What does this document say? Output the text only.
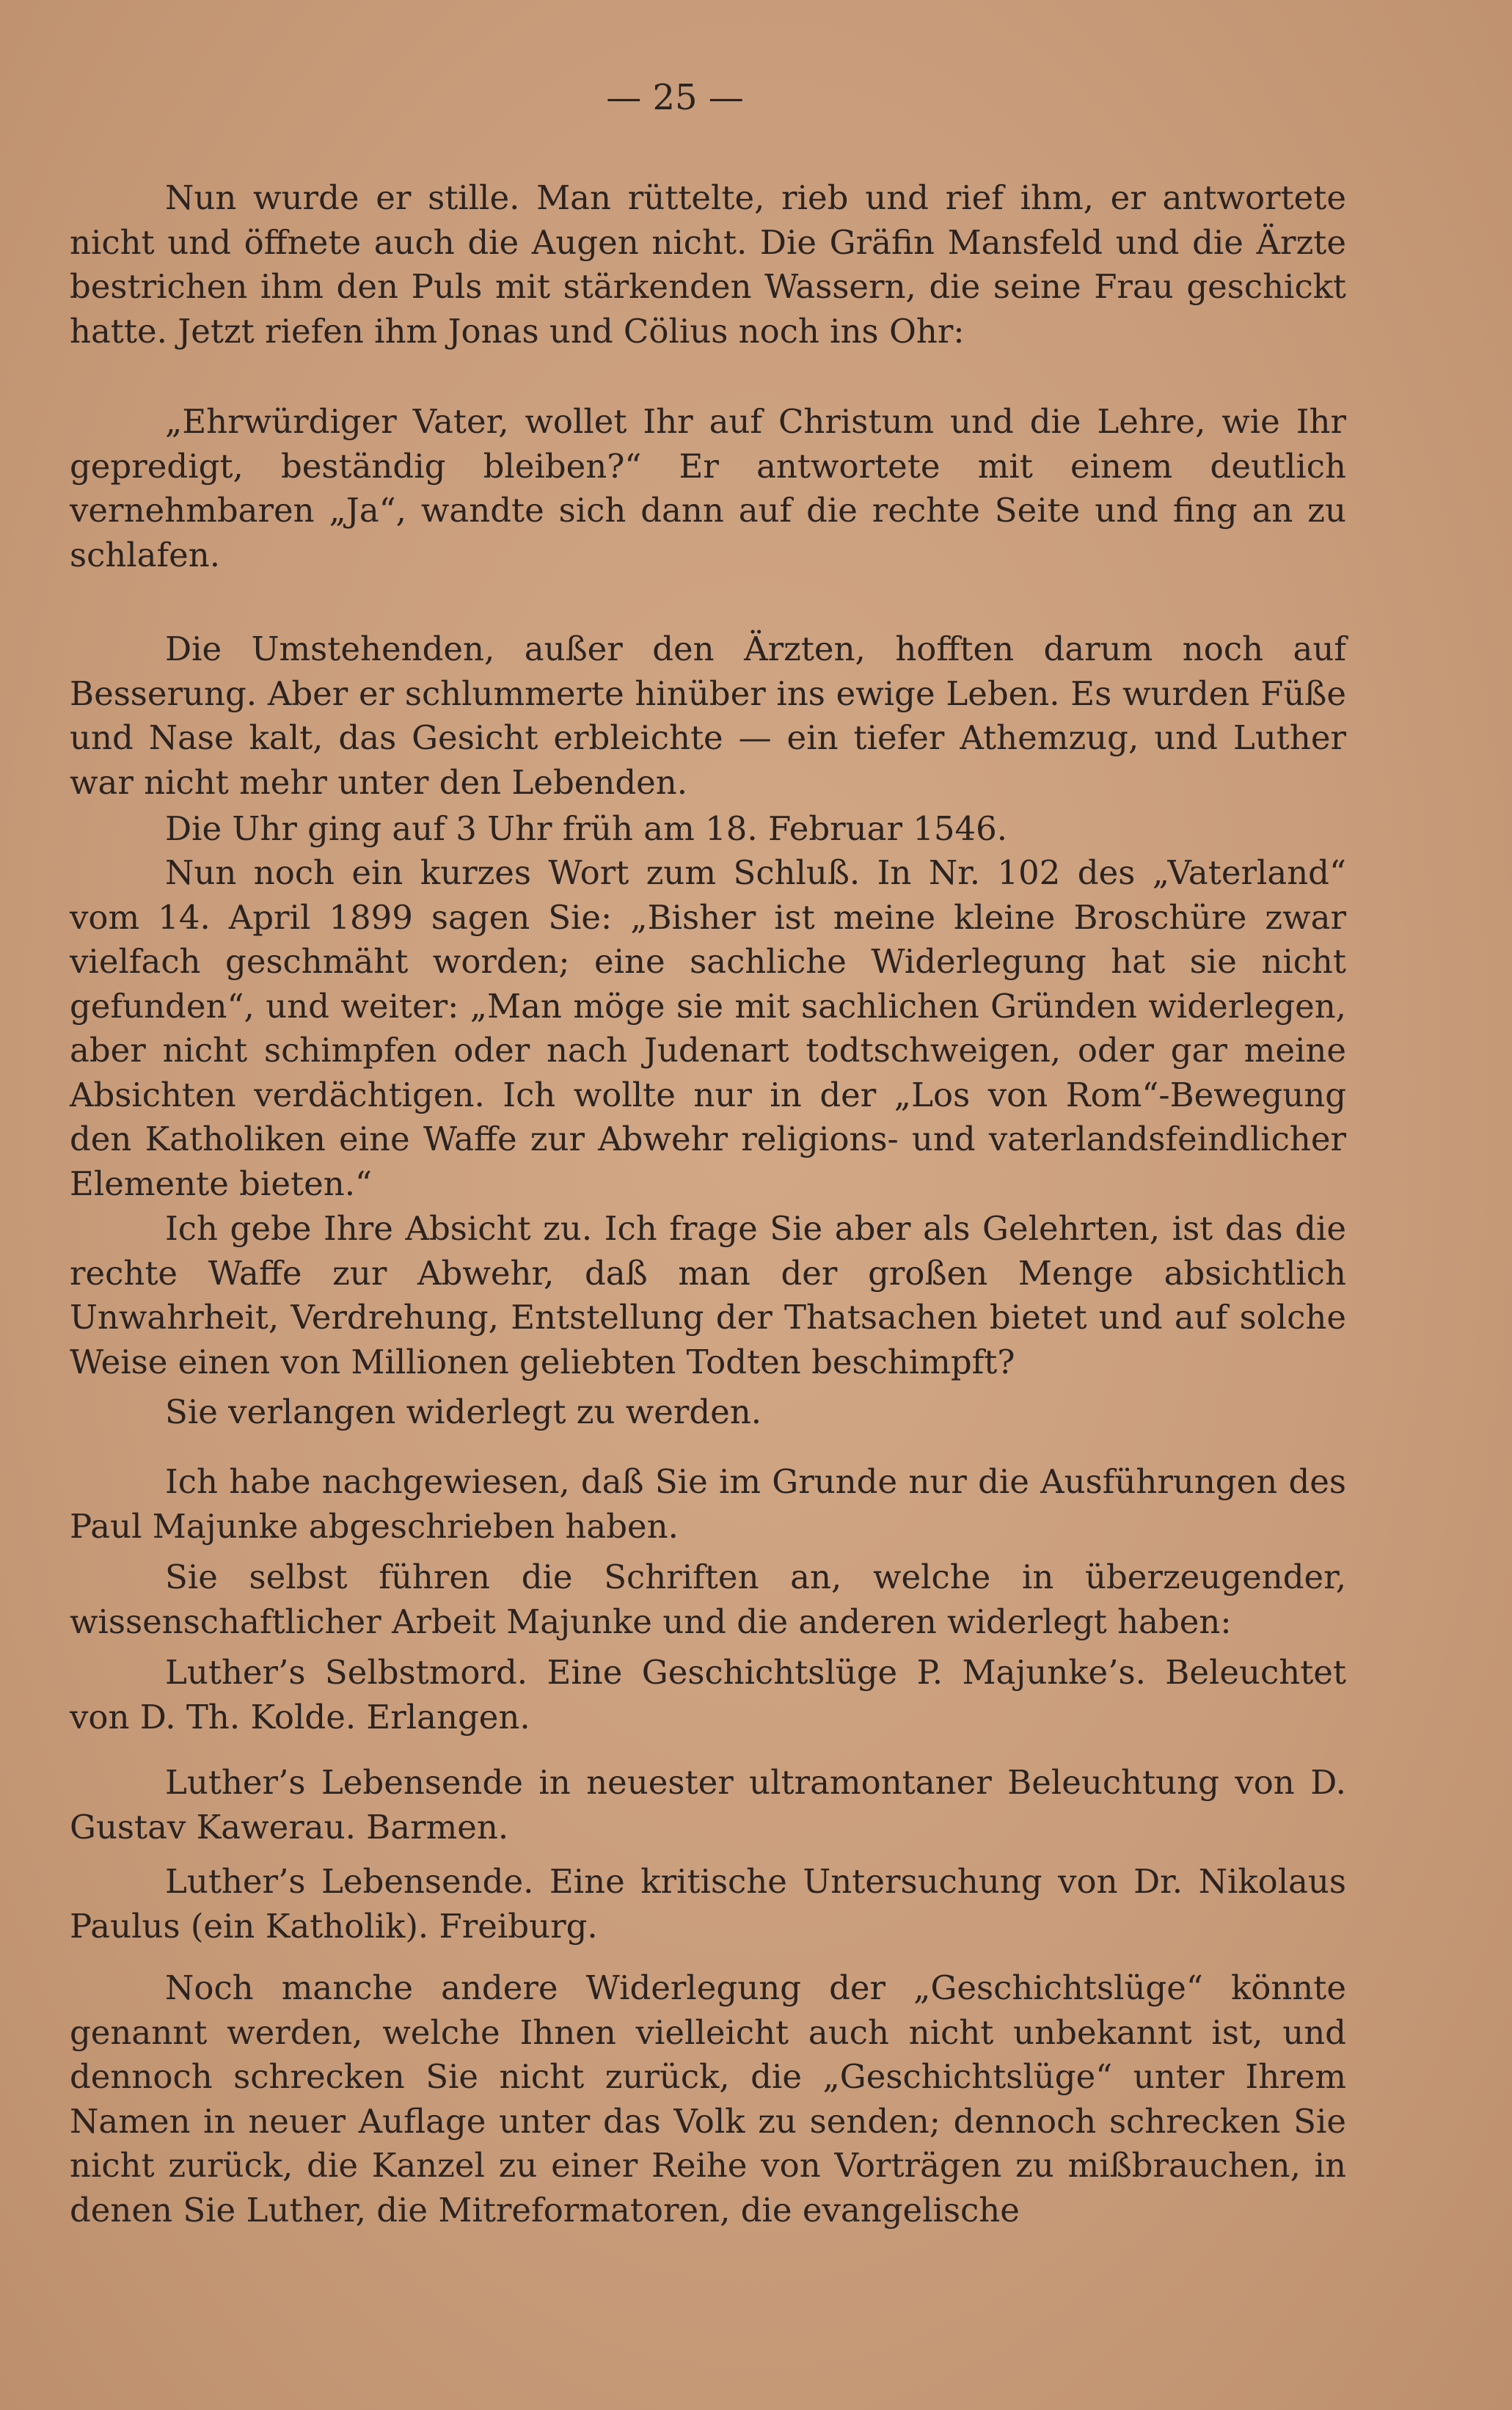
— 25 —

Nun wurde er stille. Man rüttelte, rieb und rief ihm, er antwortete nicht und öffnete auch die Augen nicht. Die Gräfin Mansfeld und die Ärzte bestrichen ihm den Puls mit stärkenden Wassern, die seine Frau geschickt hatte. Jetzt riefen ihm Jonas und Cölius noch ins Ohr:

„Ehrwürdiger Vater, wollet Ihr auf Christum und die Lehre, wie Ihr gepredigt, beständig bleiben?“ Er antwortete mit einem deutlich vernehmbaren „Ja“, wandte sich dann auf die rechte Seite und fing an zu schlafen.

Die Umstehenden, außer den Ärzten, hofften darum noch auf Besserung. Aber er schlummerte hinüber ins ewige Leben. Es wurden Füße und Nase kalt, das Gesicht erbleichte — ein tiefer Athemzug, und Luther war nicht mehr unter den Lebenden.

Die Uhr ging auf 3 Uhr früh am 18. Februar 1546.

Nun noch ein kurzes Wort zum Schluß. In Nr. 102 des „Vaterland“ vom 14. April 1899 sagen Sie: „Bisher ist meine kleine Broschüre zwar vielfach geschmäht worden; eine sachliche Widerlegung hat sie nicht gefunden“, und weiter: „Man möge sie mit sachlichen Gründen widerlegen, aber nicht schimpfen oder nach Judenart todtschweigen, oder gar meine Absichten verdächtigen. Ich wollte nur in der „Los von Rom“-Bewegung den Katholiken eine Waffe zur Abwehr religions- und vaterlandsfeindlicher Elemente bieten.“

Ich gebe Ihre Absicht zu. Ich frage Sie aber als Gelehrten, ist das die rechte Waffe zur Abwehr, daß man der großen Menge absichtlich Unwahrheit, Verdrehung, Entstellung der Thatsachen bietet und auf solche Weise einen von Millionen geliebten Todten beschimpft?

Sie verlangen widerlegt zu werden.

Ich habe nachgewiesen, daß Sie im Grunde nur die Ausführungen des Paul Majunke abgeschrieben haben.

Sie selbst führen die Schriften an, welche in überzeugender, wissenschaftlicher Arbeit Majunke und die anderen widerlegt haben:

Luther’s Selbstmord. Eine Geschichtslüge P. Majunke’s. Beleuchtet von D. Th. Kolde. Erlangen.

Luther’s Lebensende in neuester ultramontaner Beleuchtung von D. Gustav Kawerau. Barmen.

Luther’s Lebensende. Eine kritische Untersuchung von Dr. Nikolaus Paulus (ein Katholik). Freiburg.

Noch manche andere Widerlegung der „Geschichtslüge“ könnte genannt werden, welche Ihnen vielleicht auch nicht unbekannt ist, und dennoch schrecken Sie nicht zurück, die „Geschichtslüge“ unter Ihrem Namen in neuer Auflage unter das Volk zu senden; dennoch schrecken Sie nicht zurück, die Kanzel zu einer Reihe von Vorträgen zu mißbrauchen, in denen Sie Luther, die Mitreformatoren, die evangelische
